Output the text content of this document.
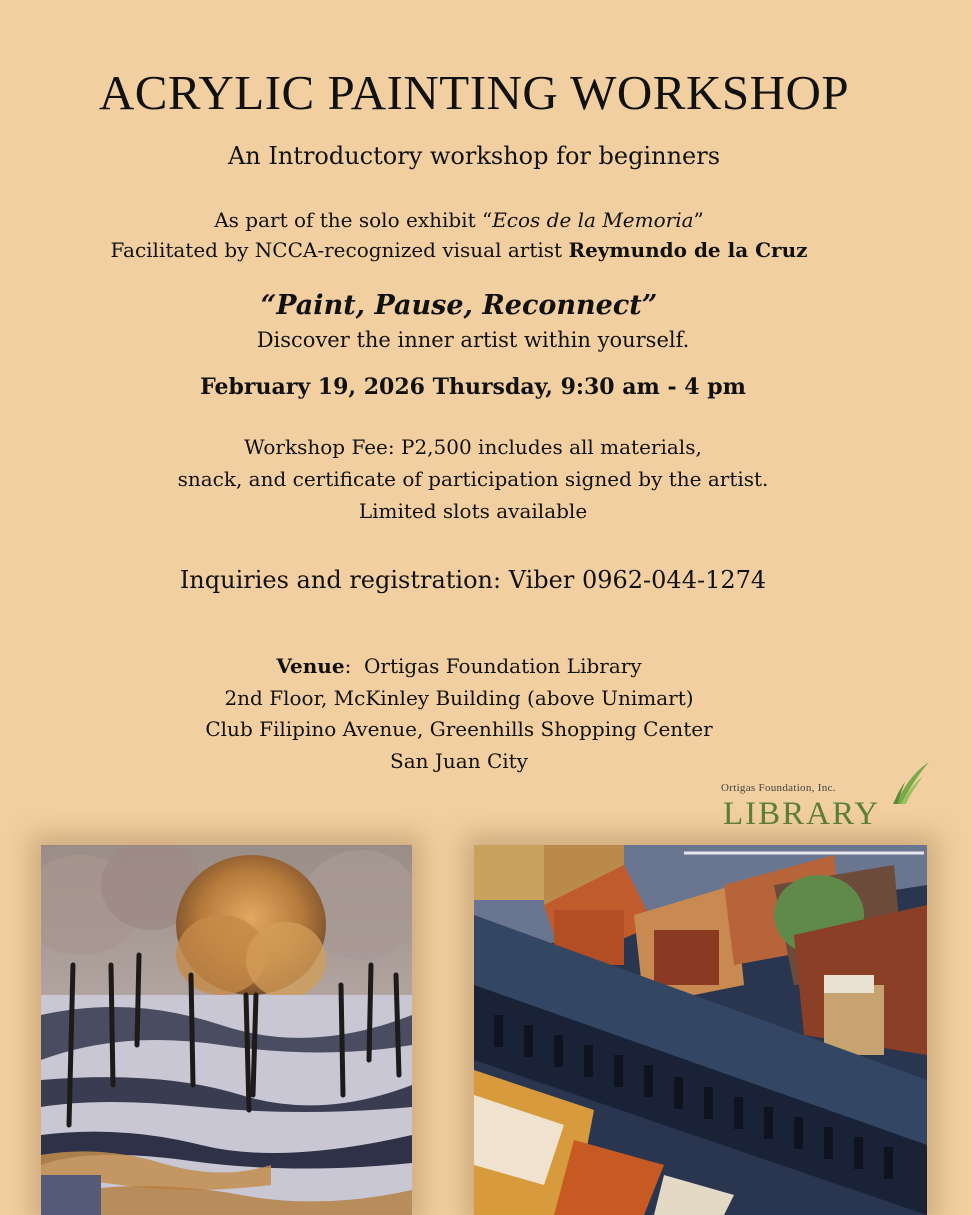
ACRYLIC PAINTING WORKSHOP
An Introductory workshop for beginners
As part of the solo exhibit “Ecos de la Memoria”
Facilitated by NCCA-recognized visual artist Reymundo de la Cruz
“Paint, Pause, Reconnect”
Discover the inner artist within yourself.
February 19, 2026 Thursday, 9:30 am - 4 pm
Workshop Fee: P2,500 includes all materials,
snack, and certificate of participation signed by the artist.
Limited slots available
Inquiries and registration: Viber 0962-044-1274
Venue:  Ortigas Foundation Library
2nd Floor, McKinley Building (above Unimart)
Club Filipino Avenue, Greenhills Shopping Center
San Juan City
Ortigas Foundation, Inc.
LIBRARY
